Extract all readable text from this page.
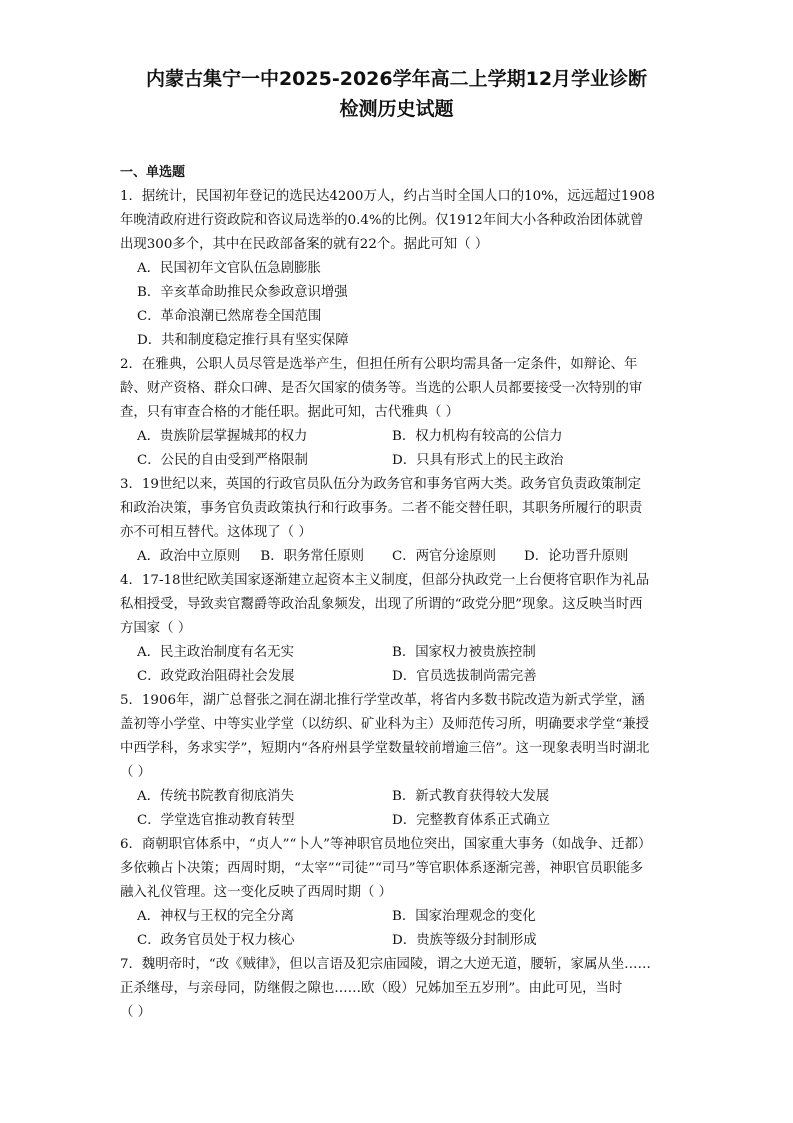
内蒙古集宁一中2025-2026学年高二上学期12月学业诊断
检测历史试题
一、单选题
1．据统计，民国初年登记的选民达4200万人，约占当时全国人口的10%，远远超过1908
年晚清政府进行资政院和咨议局选举的0.4%的比例。仅1912年间大小各种政治团体就曾
出现300多个，其中在民政部备案的就有22个。据此可知（ ）
A．民国初年文官队伍急剧膨胀
B．辛亥革命助推民众参政意识增强
C．革命浪潮已然席卷全国范围
D．共和制度稳定推行具有坚实保障
2．在雅典，公职人员尽管是选举产生，但担任所有公职均需具备一定条件，如辩论、年
龄、财产资格、群众口碑、是否欠国家的债务等。当选的公职人员都要接受一次特别的审
查，只有审查合格的才能任职。据此可知，古代雅典（ ）
A．贵族阶层掌握城邦的权力	B．权力机构有较高的公信力
C．公民的自由受到严格限制	D．只具有形式上的民主政治
3．19世纪以来，英国的行政官员队伍分为政务官和事务官两大类。政务官负责政策制定
和政治决策，事务官负责政策执行和行政事务。二者不能交替任职，其职务所履行的职责
亦不可相互替代。这体现了（ ）
A．政治中立原则 B．职务常任原则 C．两官分途原则 D．论功晋升原则
4．17-18世纪欧美国家逐渐建立起资本主义制度，但部分执政党一上台便将官职作为礼品
私相授受，导致卖官鬻爵等政治乱象频发，出现了所谓的“政党分肥”现象。这反映当时西
方国家（ ）
A．民主政治制度有名无实	B．国家权力被贵族控制
C．政党政治阻碍社会发展	D．官员选拔制尚需完善
5．1906年，湖广总督张之洞在湖北推行学堂改革，将省内多数书院改造为新式学堂，涵
盖初等小学堂、中等实业学堂（以纺织、矿业科为主）及师范传习所，明确要求学堂“兼授
中西学科，务求实学”，短期内“各府州县学堂数量较前增逾三倍”。这一现象表明当时湖北
（ ）
A．传统书院教育彻底消失	B．新式教育获得较大发展
C．学堂选官推动教育转型	D．完整教育体系正式确立
6．商朝职官体系中，“贞人”“卜人”等神职官员地位突出，国家重大事务（如战争、迁都）
多依赖占卜决策；西周时期，“太宰”“司徒”“司马”等官职体系逐渐完善，神职官员职能多
融入礼仪管理。这一变化反映了西周时期（ ）
A．神权与王权的完全分离	B．国家治理观念的变化
C．政务官员处于权力核心	D．贵族等级分封制形成
7．魏明帝时，“改《贼律》，但以言语及犯宗庙园陵，谓之大逆无道，腰斩，家属从坐……
正杀继母，与亲母同，防继假之隙也……欧（殴）兄姊加至五岁刑”。由此可见，当时
（ ）
